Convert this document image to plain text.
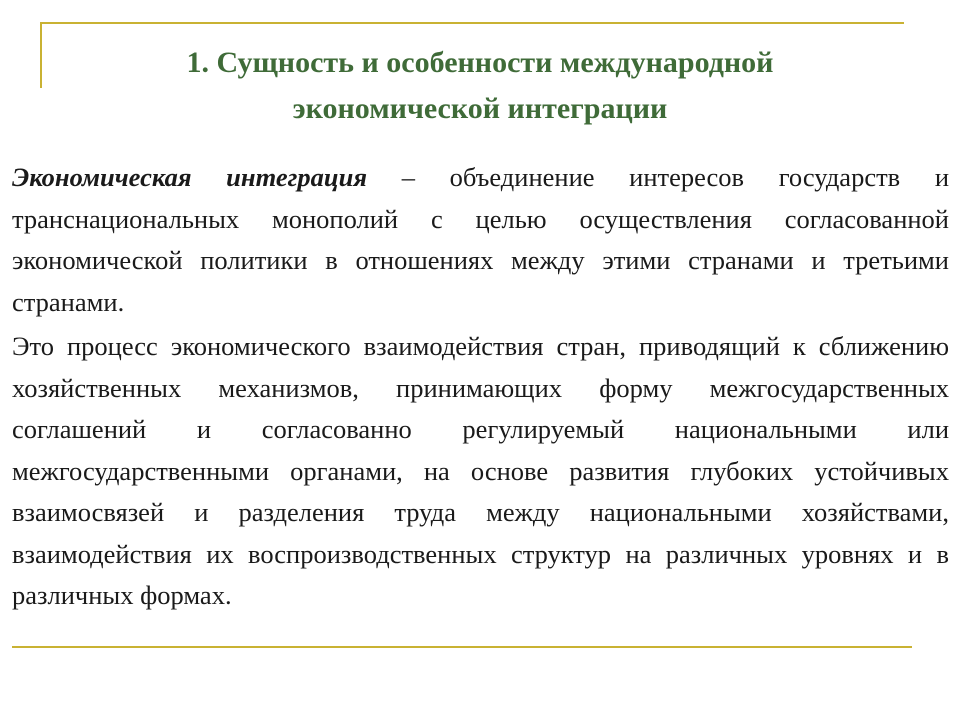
1. Сущность и особенности международной
экономической интеграции

Экономическая интеграция – объединение интересов государств и транснациональных монополий с целью осуществления согласованной экономической политики в отношениях между этими странами и третьими странами.

Это процесс экономического взаимодействия стран, приводящий к сближению хозяйственных механизмов, принимающих форму межгосударственных соглашений и согласованно регулируемый национальными или межгосударственными органами, на основе развития глубоких устойчивых взаимосвязей и разделения труда между национальными хозяйствами, взаимодействия их воспроизводственных структур на различных уровнях и в различных формах.
